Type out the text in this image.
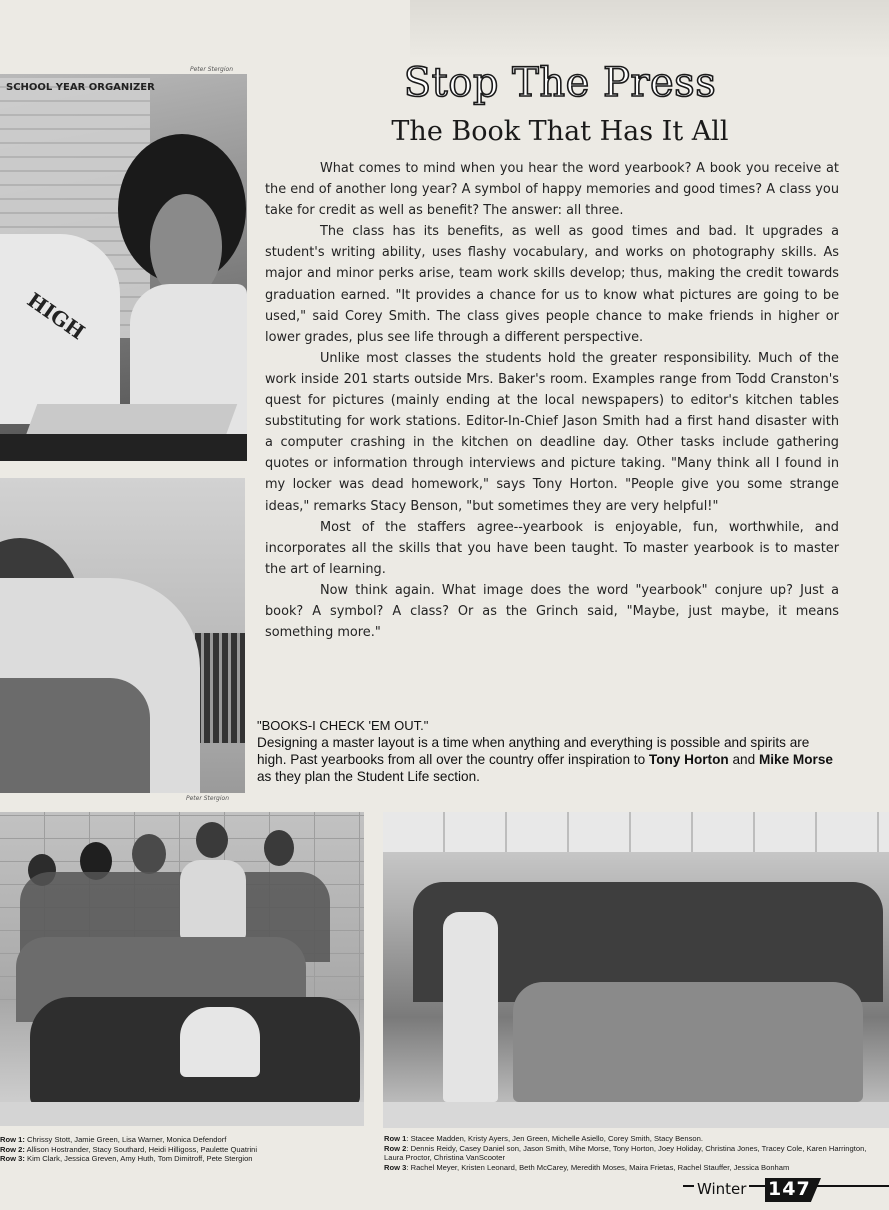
SCHOOL YEAR ORGANIZER
HIGH
Peter Stergion
Peter Stergion
Stop The Press
The Book That Has It All

What comes to mind when you hear the word yearbook? A book you receive at the end of another long year? A symbol of happy memories and good times? A class you take for credit as well as benefit? The answer: all three.

The class has its benefits, as well as good times and bad. It upgrades a student's writing ability, uses flashy vocabulary, and works on photography skills. As major and minor perks arise, team work skills develop; thus, making the credit towards graduation earned. "It provides a chance for us to know what pictures are going to be used," said Corey Smith. The class gives people chance to make friends in higher or lower grades, plus see life through a different perspective.

Unlike most classes the students hold the greater responsibility. Much of the work inside 201 starts outside Mrs. Baker's room. Examples range from Todd Cranston's quest for pictures (mainly ending at the local newspapers) to editor's kitchen tables substituting for work stations. Editor-In-Chief Jason Smith had a first hand disaster with a computer crashing in the kitchen on deadline day. Other tasks include gathering quotes or information through interviews and picture taking. "Many think all I found in my locker was dead homework," says Tony Horton. "People give you some strange ideas," remarks Stacy Benson, "but sometimes they are very helpful!"

Most of the staffers agree--yearbook is enjoyable, fun, worthwhile, and incorporates all the skills that you have been taught. To master yearbook is to master the art of learning.

Now think again. What image does the word "yearbook" conjure up? Just a book? A symbol? A class? Or as the Grinch said, "Maybe, just maybe, it means something more."

"BOOKS-I CHECK 'EM OUT."
Designing a master layout is a time when anything and everything is possible and spirits are high. Past yearbooks from all over the country offer inspiration to Tony Horton and Mike Morse as they plan the Student Life section.
Row 1: Chrissy Stott, Jamie Green, Lisa Warner, Monica Defendorf
Row 2: Allison Hostrander, Stacy Southard, Heidi Hilligoss, Paulette Quatrini
Row 3: Kim Clark, Jessica Greven, Amy Huth, Tom Dimitroff, Pete Stergion
Row 1: Stacee Madden, Kristy Ayers, Jen Green, Michelle Asiello, Corey Smith, Stacy Benson.
Row 2: Dennis Reidy, Casey Daniel son, Jason Smith, Mihe Morse, Tony Horton, Joey Holiday, Christina Jones, Tracey Cole, Karen Harrington, Laura Proctor, Christina VanScooter
Row 3: Rachel Meyer, Kristen Leonard, Beth McCarey, Meredith Moses, Maira Frietas, Rachel Stauffer, Jessica Bonham
Winter 147
